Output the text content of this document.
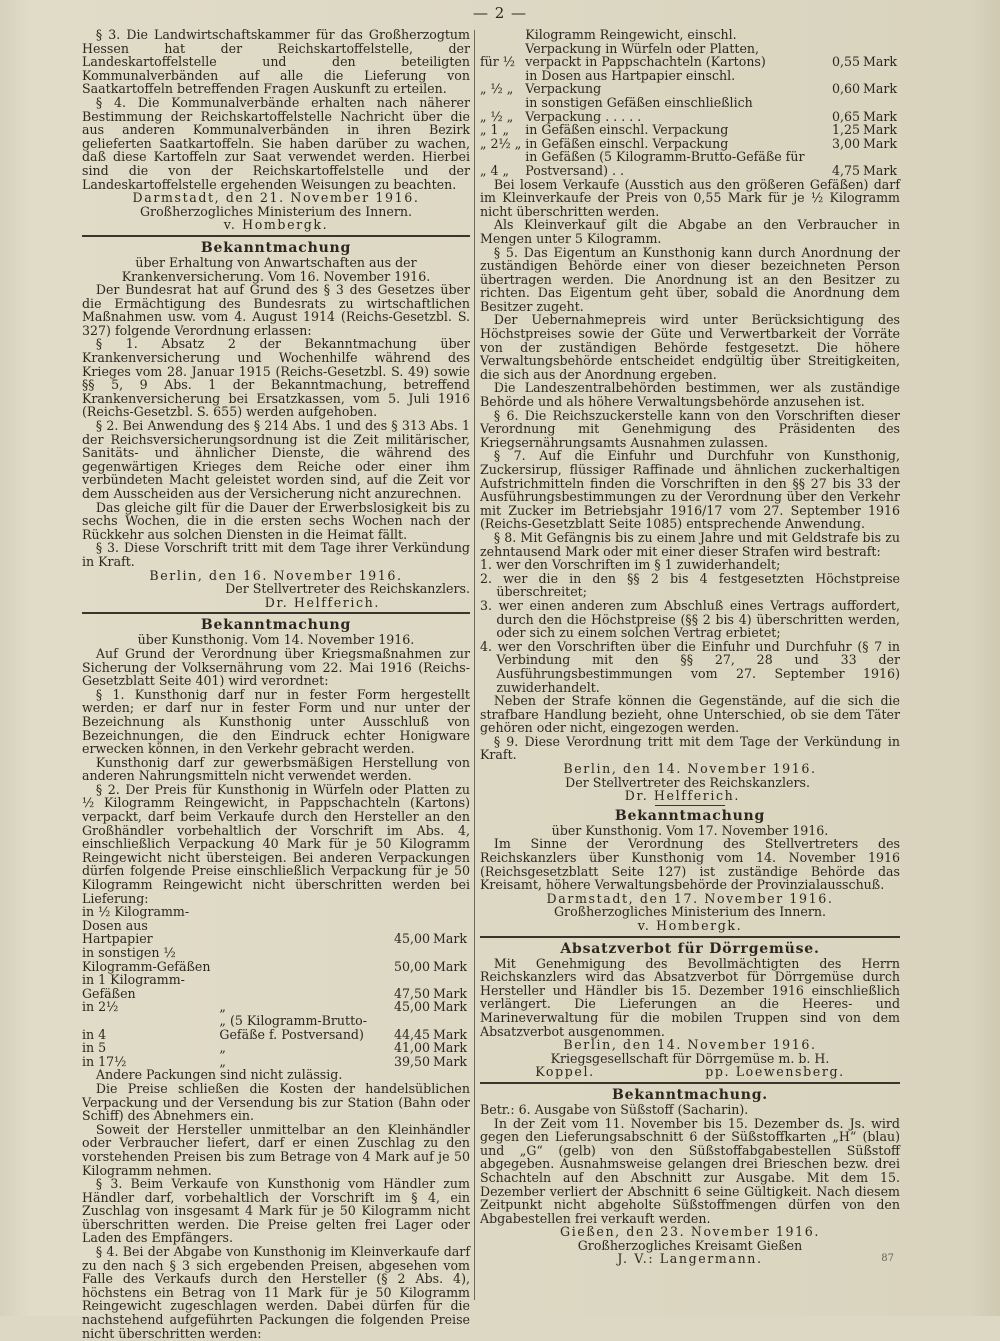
— 2 —

§ 3. Die Landwirtschaftskammer für das Großherzogtum Hessen hat der Reichskartoffelstelle, der Landeskartoffelstelle und den beteiligten Kommunalverbänden auf alle die Lieferung von Saatkartoffeln betreffenden Fragen Auskunft zu erteilen.

§ 4. Die Kommunalverbände erhalten nach näherer Bestimmung der Reichskartoffelstelle Nachricht über die aus anderen Kommunalverbänden in ihren Bezirk gelieferten Saatkartoffeln. Sie haben darüber zu wachen, daß diese Kartoffeln zur Saat verwendet werden. Hierbei sind die von der Reichskartoffelstelle und der Landeskartoffelstelle ergehenden Weisungen zu beachten.

Darmstadt, den 21. November 1916.

Großherzogliches Ministerium des Innern.

v. Hombergk.

Bekanntmachung

über Erhaltung von Anwartschaften aus der Krankenversicherung. Vom 16. November 1916.

Der Bundesrat hat auf Grund des § 3 des Gesetzes über die Ermächtigung des Bundesrats zu wirtschaftlichen Maßnahmen usw. vom 4. August 1914 (Reichs-Gesetzbl. S. 327) folgende Verordnung erlassen:

§ 1. Absatz 2 der Bekanntmachung über Krankenversicherung und Wochenhilfe während des Krieges vom 28. Januar 1915 (Reichs-Gesetzbl. S. 49) sowie §§ 5, 9 Abs. 1 der Bekanntmachung, betreffend Krankenversicherung bei Ersatzkassen, vom 5. Juli 1916 (Reichs-Gesetzbl. S. 655) werden aufgehoben.

§ 2. Bei Anwendung des § 214 Abs. 1 und des § 313 Abs. 1 der Reichsversicherungsordnung ist die Zeit militärischer, Sanitäts- und ähnlicher Dienste, die während des gegenwärtigen Krieges dem Reiche oder einer ihm verbündeten Macht geleistet worden sind, auf die Zeit vor dem Ausscheiden aus der Versicherung nicht anzurechnen.

Das gleiche gilt für die Dauer der Erwerbslosigkeit bis zu sechs Wochen, die in die ersten sechs Wochen nach der Rückkehr aus solchen Diensten in die Heimat fällt.

§ 3. Diese Vorschrift tritt mit dem Tage ihrer Verkündung in Kraft.

Berlin, den 16. November 1916.

Der Stellvertreter des Reichskanzlers.

Dr. Helfferich.

Bekanntmachung

über Kunsthonig. Vom 14. November 1916.

Auf Grund der Verordnung über Kriegsmaßnahmen zur Sicherung der Volksernährung vom 22. Mai 1916 (Reichs-Gesetzblatt Seite 401) wird verordnet:

§ 1. Kunsthonig darf nur in fester Form hergestellt werden; er darf nur in fester Form und nur unter der Bezeichnung als Kunsthonig unter Ausschluß von Bezeichnungen, die den Eindruck echter Honigware erwecken können, in den Verkehr gebracht werden.

Kunsthonig darf zur gewerbsmäßigen Herstellung von anderen Nahrungsmitteln nicht verwendet werden.

§ 2. Der Preis für Kunsthonig in Würfeln oder Platten zu ½ Kilogramm Reingewicht, in Pappschachteln (Kartons) verpackt, darf beim Verkaufe durch den Hersteller an den Großhändler vorbehaltlich der Vorschrift im Abs. 4, einschließlich Verpackung 40 Mark für je 50 Kilogramm Reingewicht nicht übersteigen. Bei anderen Verpackungen dürfen folgende Preise einschließlich Verpackung für je 50 Kilogramm Reingewicht nicht überschritten werden bei Lieferung:

in ½ Kilogramm-Dosen aus Hartpapier		45,00	Mark
in sonstigen ½ Kilogramm-Gefäßen		50,00	Mark
in 1 Kilogramm-Gefäßen		47,50	Mark
in 2½	„	45,00	Mark
in 4	„ (5 Kilogramm-Brutto-Gefäße f. Postversand)	44,45	Mark
in 5	„	41,00	Mark
in 17½	„	39,50	Mark

Andere Packungen sind nicht zulässig.

Die Preise schließen die Kosten der handelsüblichen Verpackung und der Versendung bis zur Station (Bahn oder Schiff) des Abnehmers ein.

Soweit der Hersteller unmittelbar an den Kleinhändler oder Verbraucher liefert, darf er einen Zuschlag zu den vorstehenden Preisen bis zum Betrage von 4 Mark auf je 50 Kilogramm nehmen.

§ 3. Beim Verkaufe von Kunsthonig vom Händler zum Händler darf, vorbehaltlich der Vorschrift im § 4, ein Zuschlag von insgesamt 4 Mark für je 50 Kilogramm nicht überschritten werden. Die Preise gelten frei Lager oder Laden des Empfängers.

§ 4. Bei der Abgabe von Kunsthonig im Kleinverkaufe darf zu den nach § 3 sich ergebenden Preisen, abgesehen vom Falle des Verkaufs durch den Hersteller (§ 2 Abs. 4), höchstens ein Betrag von 11 Mark für je 50 Kilogramm Reingewicht zugeschlagen werden. Dabei dürfen für die nachstehend aufgeführten Packungen die folgenden Preise nicht überschritten werden:

für ½	Kilogramm Reingewicht, einschl. Verpackung in Würfeln oder Platten, verpackt in Pappschachteln (Kartons)	0,55	Mark
„ ½ „	in Dosen aus Hartpapier einschl. Verpackung	0,60	Mark
„ ½ „	in sonstigen Gefäßen einschließlich Verpackung . . . . .	0,65	Mark
„ 1 „	in Gefäßen einschl. Verpackung	1,25	Mark
„ 2½ „	in Gefäßen einschl. Verpackung	3,00	Mark
„ 4 „	in Gefäßen (5 Kilogramm-Brutto-Gefäße für Postversand) . .	4,75	Mark

Bei losem Verkaufe (Ausstich aus den größeren Gefäßen) darf im Kleinverkaufe der Preis von 0,55 Mark für je ½ Kilogramm nicht überschritten werden.

Als Kleinverkauf gilt die Abgabe an den Verbraucher in Mengen unter 5 Kilogramm.

§ 5. Das Eigentum an Kunsthonig kann durch Anordnung der zuständigen Behörde einer von dieser bezeichneten Person übertragen werden. Die Anordnung ist an den Besitzer zu richten. Das Eigentum geht über, sobald die Anordnung dem Besitzer zugeht.

Der Uebernahmepreis wird unter Berücksichtigung des Höchstpreises sowie der Güte und Verwertbarkeit der Vorräte von der zuständigen Behörde festgesetzt. Die höhere Verwaltungsbehörde entscheidet endgültig über Streitigkeiten, die sich aus der Anordnung ergeben.

Die Landeszentralbehörden bestimmen, wer als zuständige Behörde und als höhere Verwaltungsbehörde anzusehen ist.

§ 6. Die Reichszuckerstelle kann von den Vorschriften dieser Verordnung mit Genehmigung des Präsidenten des Kriegsernährungsamts Ausnahmen zulassen.

§ 7. Auf die Einfuhr und Durchfuhr von Kunsthonig, Zuckersirup, flüssiger Raffinade und ähnlichen zuckerhaltigen Aufstrichmitteln finden die Vorschriften in den §§ 27 bis 33 der Ausführungsbestimmungen zu der Verordnung über den Verkehr mit Zucker im Betriebsjahr 1916/17 vom 27. September 1916 (Reichs-Gesetzblatt Seite 1085) entsprechende Anwendung.

§ 8. Mit Gefängnis bis zu einem Jahre und mit Geldstrafe bis zu zehntausend Mark oder mit einer dieser Strafen wird bestraft:

1. wer den Vorschriften im § 1 zuwiderhandelt;

2. wer die in den §§ 2 bis 4 festgesetzten Höchstpreise überschreitet;

3. wer einen anderen zum Abschluß eines Vertrags auffordert, durch den die Höchstpreise (§§ 2 bis 4) überschritten werden, oder sich zu einem solchen Vertrag erbietet;

4. wer den Vorschriften über die Einfuhr und Durchfuhr (§ 7 in Verbindung mit den §§ 27, 28 und 33 der Ausführungsbestimmungen vom 27. September 1916) zuwiderhandelt.

Neben der Strafe können die Gegenstände, auf die sich die strafbare Handlung bezieht, ohne Unterschied, ob sie dem Täter gehören oder nicht, eingezogen werden.

§ 9. Diese Verordnung tritt mit dem Tage der Verkündung in Kraft.

Berlin, den 14. November 1916.

Der Stellvertreter des Reichskanzlers.

Dr. Helfferich.

Bekanntmachung

über Kunsthonig. Vom 17. November 1916.

Im Sinne der Verordnung des Stellvertreters des Reichskanzlers über Kunsthonig vom 14. November 1916 (Reichsgesetzblatt Seite 127) ist zuständige Behörde das Kreisamt, höhere Verwaltungsbehörde der Provinzialausschuß.

Darmstadt, den 17. November 1916.

Großherzogliches Ministerium des Innern.

v. Hombergk.

Absatzverbot für Dörrgemüse.

Mit Genehmigung des Bevollmächtigten des Herrn Reichskanzlers wird das Absatzverbot für Dörrgemüse durch Hersteller und Händler bis 15. Dezember 1916 einschließlich verlängert. Die Lieferungen an die Heeres- und Marineverwaltung für die mobilen Truppen sind von dem Absatzverbot ausgenommen.

Berlin, den 14. November 1916.

Kriegsgesellschaft für Dörrgemüse m. b. H.

Koppel.	pp. Loewensberg.
Bekanntmachung.

Betr.: 6. Ausgabe von Süßstoff (Sacharin).

In der Zeit vom 11. November bis 15. Dezember ds. Js. wird gegen den Lieferungsabschnitt 6 der Süßstoffkarten „H“ (blau) und „G“ (gelb) von den Süßstoffabgabestellen Süßstoff abgegeben. Ausnahmsweise gelangen drei Brieschen bezw. drei Schachteln auf den Abschnitt zur Ausgabe. Mit dem 15. Dezember verliert der Abschnitt 6 seine Gültigkeit. Nach diesem Zeitpunkt nicht abgeholte Süßstoffmengen dürfen von den Abgabestellen frei verkauft werden.

Gießen, den 23. November 1916.

Großherzogliches Kreisamt Gießen

J. V.: Langermann.	87
